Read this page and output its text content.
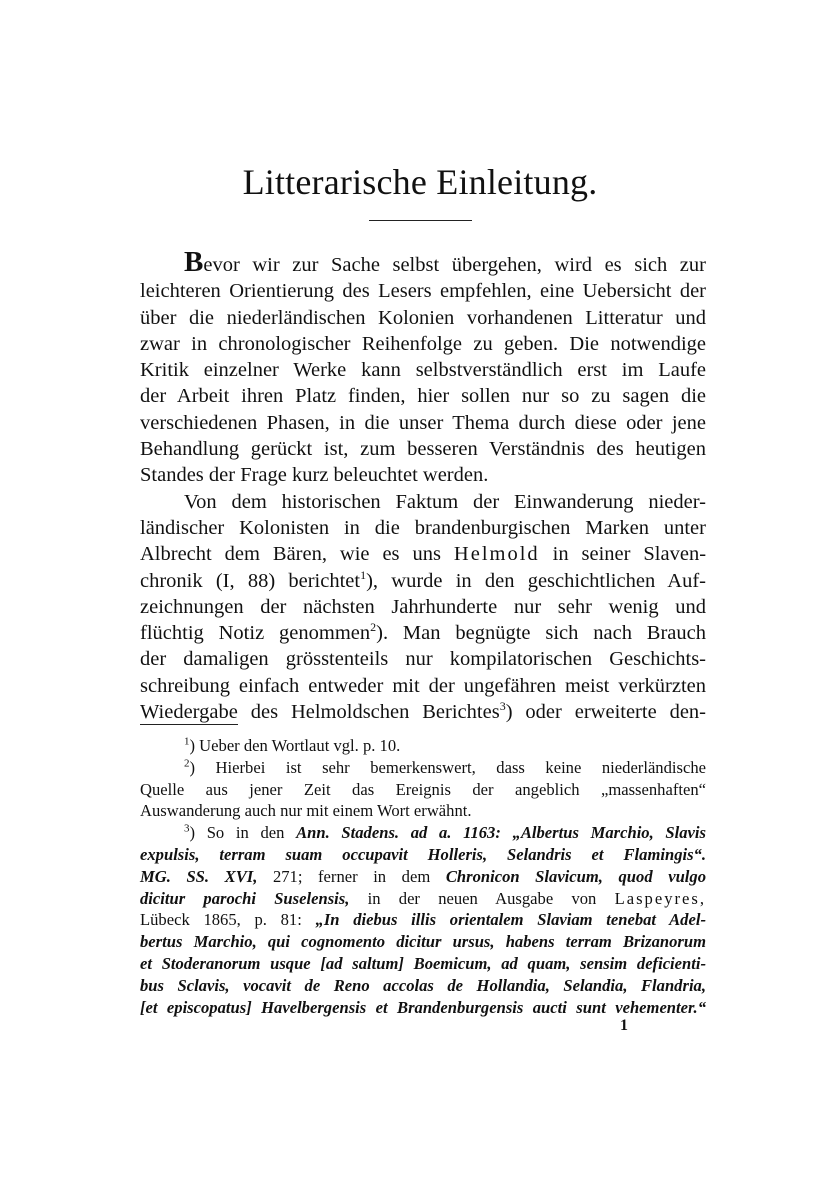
Litterarische Einleitung.
Bevor wir zur Sache selbst übergehen, wird es sich zur
leichteren Orientierung des Lesers empfehlen, eine Uebersicht der
über die niederländischen Kolonien vorhandenen Litteratur und
zwar in chronologischer Reihenfolge zu geben. Die notwendige
Kritik einzelner Werke kann selbstverständlich erst im Laufe
der Arbeit ihren Platz finden, hier sollen nur so zu sagen die
verschiedenen Phasen, in die unser Thema durch diese oder jene
Behandlung gerückt ist, zum besseren Verständnis des heutigen
Standes der Frage kurz beleuchtet werden.
Von dem historischen Faktum der Einwanderung nieder-
ländischer Kolonisten in die brandenburgischen Marken unter
Albrecht dem Bären, wie es uns Helmold in seiner Slaven-
chronik (I, 88) berichtet$^1$), wurde in den geschichtlichen Auf-
zeichnungen der nächsten Jahrhunderte nur sehr wenig und
flüchtig Notiz genommen$^2$). Man begnügte sich nach Brauch
der damaligen grösstenteils nur kompilatorischen Geschichts-
schreibung einfach entweder mit der ungefähren meist verkürzten
Wiedergabe des Helmoldschen Berichtes$^3$) oder erweiterte den-
$^1$) Ueber den Wortlaut vgl. p. 10.
$^2$) Hierbei ist sehr bemerkenswert, dass keine niederländische
Quelle aus jener Zeit das Ereignis der angeblich „massenhaften“
Auswanderung auch nur mit einem Wort erwähnt.
$^3$) So in den Ann. Stadens. ad a. 1163: „Albertus Marchio, Slavis
expulsis, terram suam occupavit Holleris, Selandris et Flamingis“.
MG. SS. XVI, 271; ferner in dem Chronicon Slavicum, quod vulgo
dicitur parochi Suselensis, in der neuen Ausgabe von Laspeyres,
Lübeck 1865, p. 81: „In diebus illis orientalem Slaviam tenebat Adel-
bertus Marchio, qui cognomento dicitur ursus, habens terram Brizanorum
et Stoderanorum usque [ad saltum] Boemicum, ad quam, sensim deficienti-
bus Sclavis, vocavit de Reno accolas de Hollandia, Selandia, Flandria,
[et episcopatus] Havelbergensis et Brandenburgensis aucti sunt vehementer.“
1
